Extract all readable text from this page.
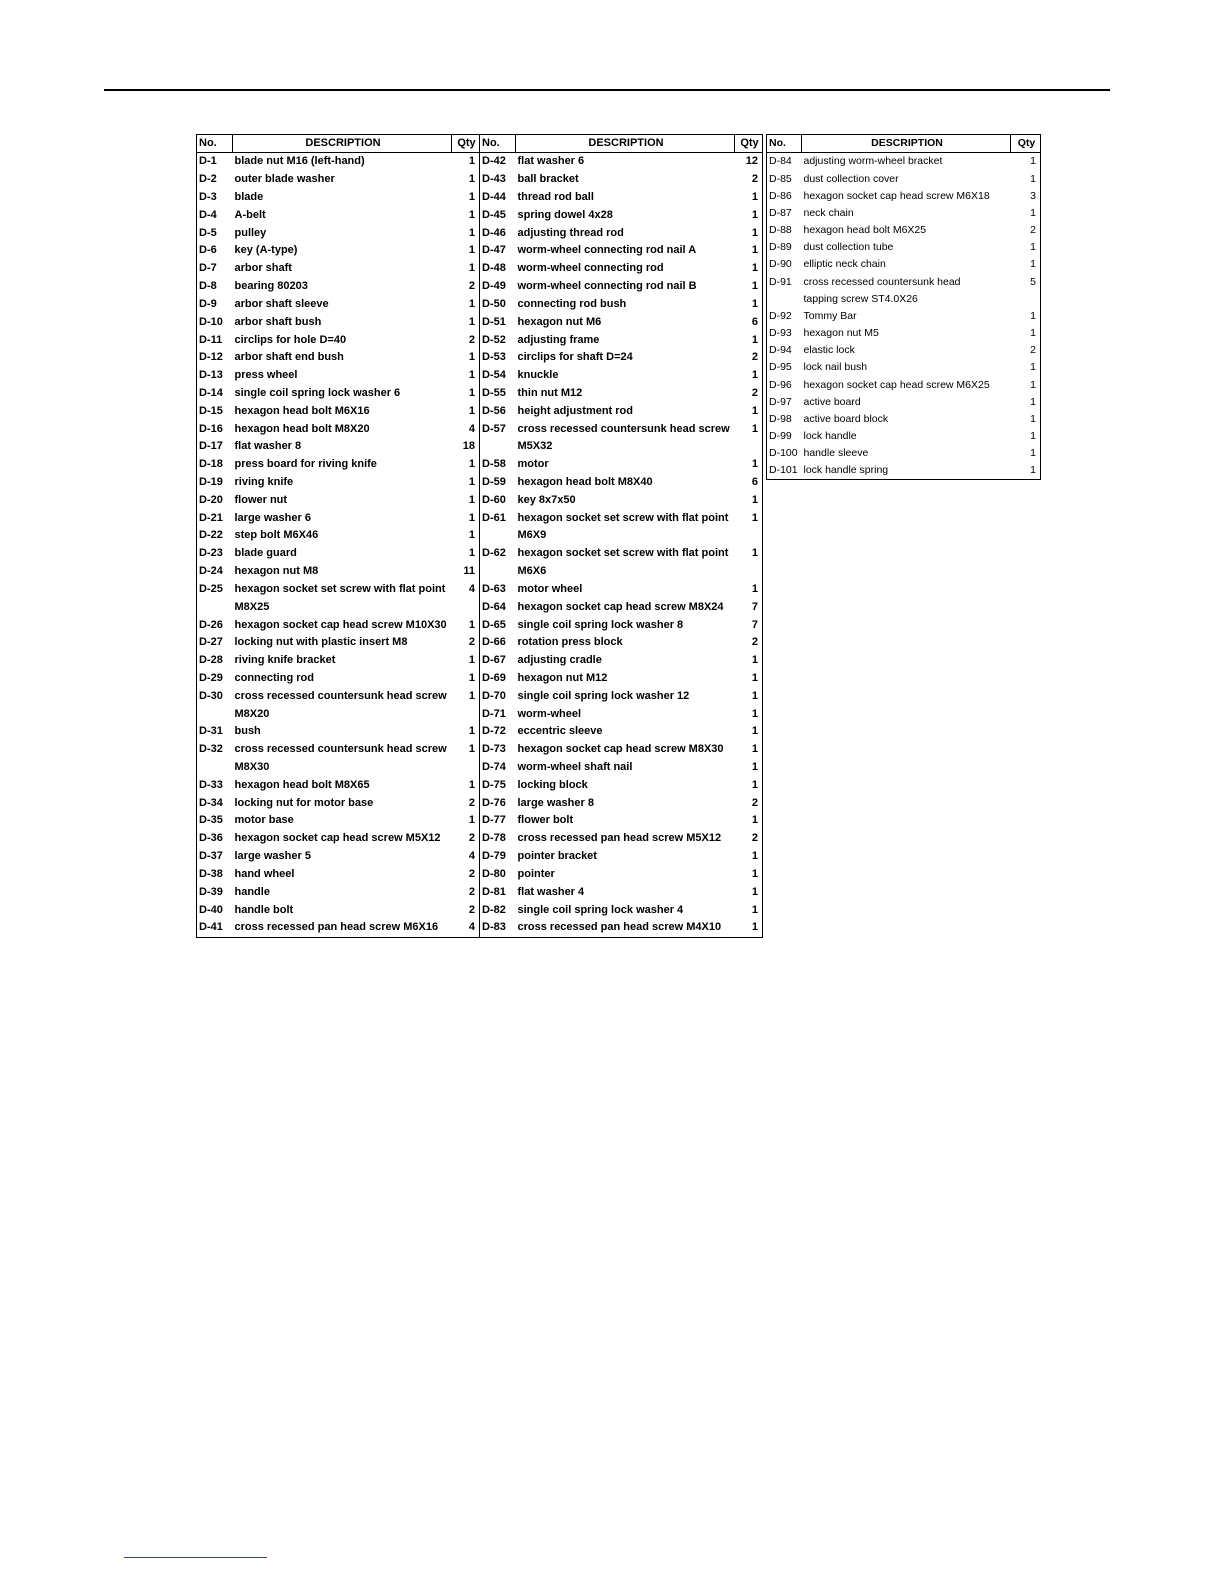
No.	DESCRIPTION	Qty
D-1	blade nut M16 (left-hand)	1
D-2	outer blade washer	1
D-3	blade	1
D-4	A-belt	1
D-5	pulley	1
D-6	key (A-type)	1
D-7	arbor shaft	1
D-8	bearing 80203	2
D-9	arbor shaft sleeve	1
D-10	arbor shaft bush	1
D-11	circlips for hole D=40	2
D-12	arbor shaft end bush	1
D-13	press wheel	1
D-14	single coil spring lock washer 6	1
D-15	hexagon head bolt M6X16	1
D-16	hexagon head bolt M8X20	4
D-17	flat washer 8	18
D-18	press board for riving knife	1
D-19	riving knife	1
D-20	flower nut	1
D-21	large washer 6	1
D-22	step bolt M6X46	1
D-23	blade guard	1
D-24	hexagon nut M8	11
D-25	hexagon socket set screw with flat point	4
	M8X25	
D-26	hexagon socket cap head screw M10X30	1
D-27	locking nut with plastic insert M8	2
D-28	riving knife bracket	1
D-29	connecting rod	1
D-30	cross recessed countersunk head screw	1
	M8X20	
D-31	bush	1
D-32	cross recessed countersunk head screw	1
	M8X30	
D-33	hexagon head bolt M8X65	1
D-34	locking nut for motor base	2
D-35	motor base	1
D-36	hexagon socket cap head screw M5X12	2
D-37	large washer 5	4
D-38	hand wheel	2
D-39	handle	2
D-40	handle bolt	2
D-41	cross recessed pan head screw M6X16	4
No.	DESCRIPTION	Qty
D-42	flat washer 6	12
D-43	ball bracket	2
D-44	thread rod ball	1
D-45	spring dowel 4x28	1
D-46	adjusting thread rod	1
D-47	worm-wheel connecting rod nail A	1
D-48	worm-wheel connecting rod	1
D-49	worm-wheel connecting rod nail B	1
D-50	connecting rod bush	1
D-51	hexagon nut M6	6
D-52	adjusting frame	1
D-53	circlips for shaft D=24	2
D-54	knuckle	1
D-55	thin nut M12	2
D-56	height adjustment rod	1
D-57	cross recessed countersunk head screw	1
	M5X32	
D-58	motor	1
D-59	hexagon head bolt M8X40	6
D-60	key 8x7x50	1
D-61	hexagon socket set screw with flat point	1
	M6X9	
D-62	hexagon socket set screw with flat point	1
	M6X6	
D-63	motor wheel	1
D-64	hexagon socket cap head screw M8X24	7
D-65	single coil spring lock washer 8	7
D-66	rotation press block	2
D-67	adjusting cradle	1
D-69	hexagon nut M12	1
D-70	single coil spring lock washer 12	1
D-71	worm-wheel	1
D-72	eccentric sleeve	1
D-73	hexagon socket cap head screw M8X30	1
D-74	worm-wheel shaft nail	1
D-75	locking block	1
D-76	large washer 8	2
D-77	flower bolt	1
D-78	cross recessed pan head screw M5X12	2
D-79	pointer bracket	1
D-80	pointer	1
D-81	flat washer 4	1
D-82	single coil spring lock washer 4	1
D-83	cross recessed pan head screw M4X10	1
No.	DESCRIPTION	Qty
D-84	adjusting worm-wheel bracket	1
D-85	dust collection cover	1
D-86	hexagon socket cap head screw M6X18	3
D-87	neck chain	1
D-88	hexagon head bolt M6X25	2
D-89	dust collection tube	1
D-90	elliptic neck chain	1
D-91	cross recessed countersunk head	5
	tapping screw ST4.0X26	
D-92	Tommy Bar	1
D-93	hexagon nut M5	1
D-94	elastic lock	2
D-95	lock nail bush	1
D-96	hexagon socket cap head screw M6X25	1
D-97	active board	1
D-98	active board block	1
D-99	lock handle	1
D-100	handle sleeve	1
D-101	lock handle spring	1
